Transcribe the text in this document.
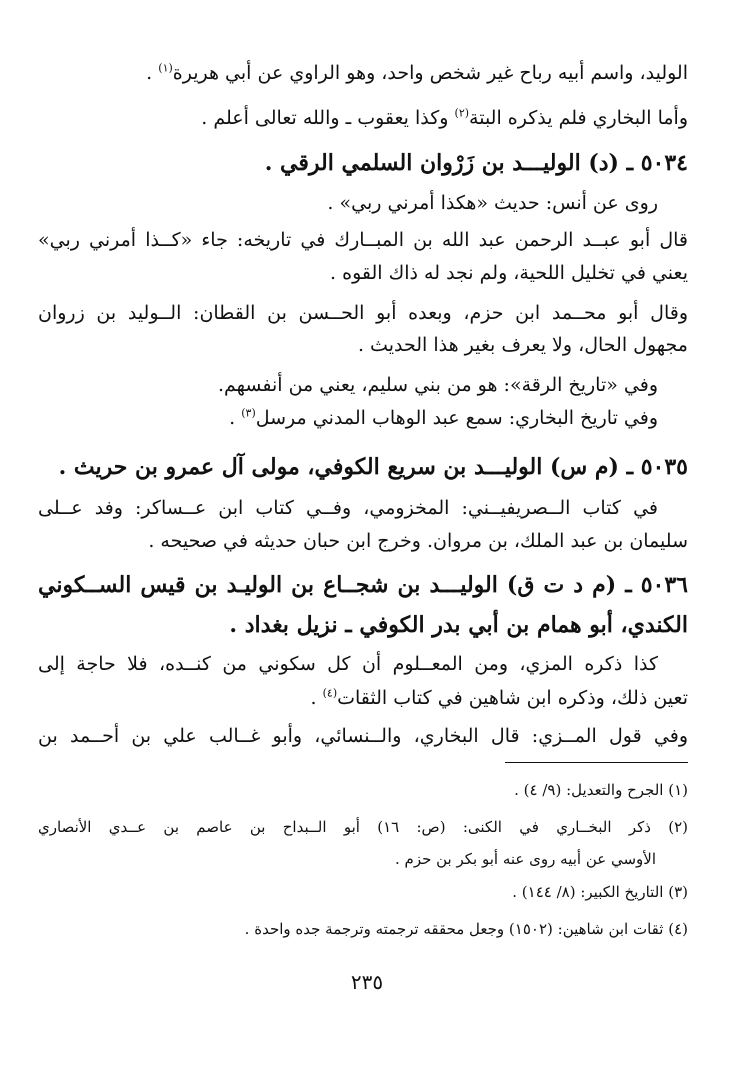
الوليد، واسم أبيه رباح غير شخص واحد، وهو الراوي عن أبي هريرة$^{(١)}$ .
وأما البخاري فلم يذكره البتة$^{(٢)}$ وكذا يعقوب ـ والله تعالى أعلم .
٥٠٣٤ ـ (د) الوليـــد بن زَرْوان السلمي الرقي .
روى عن أنس: حديث «هكذا أمرني ربي» .
قال أبو عبــد الرحمن عبد الله بن المبــارك في تاريخه: جاء «كــذا أمرني ربي»
يعني في تخليل اللحية، ولم نجد له ذاك القوه .
وقال أبو محــمد ابن حزم، وبعده أبو الحــسن بن القطان: الــوليد بن زروان
مجهول الحال، ولا يعرف بغير هذا الحديث .
وفي «تاريخ الرقة»: هو من بني سليم، يعني من أنفسهم.
وفي تاريخ البخاري: سمع عبد الوهاب المدني مرسل$^{(٣)}$ .
٥٠٣٥ ـ (م س) الوليـــد بن سريع الكوفي، مولى آل عمرو بن حريث .
في كتاب الــصريفيــني: المخزومي، وفــي كتاب ابن عــساكر: وفد عــلى
سليمان بن عبد الملك، بن مروان. وخرج ابن حبان حديثه في صحيحه .
٥٠٣٦ ـ (م د ت ق) الوليـــد بن شجــاع بن الوليـد بن قيس الســكوني
الكندي، أبو همام بن أبي بدر الكوفي ـ نزيل بغداد .
كذا ذكره المزي، ومن المعــلوم أن كل سكوني من كنــده، فلا حاجة إلى
تعين ذلك، وذكره ابن شاهين في كتاب الثقات$^{(٤)}$ .
وفي قول المــزي: قال البخاري، والــنسائي، وأبو غــالب علي بن أحــمد بن
(١) الجرح والتعديل: (٩/ ٤) .
(٢) ذكر البخــاري في الكنى: (ص: ١٦) أبو الــبداح بن عاصم بن عــدي الأنصاري
الأوسي عن أبيه روى عنه أبو بكر بن حزم .
(٣) التاريخ الكبير: (٨/ ١٤٤) .
(٤) ثقات ابن شاهين: (١٥٠٢) وجعل محققه ترجمته وترجمة جده واحدة .
٢٣٥
